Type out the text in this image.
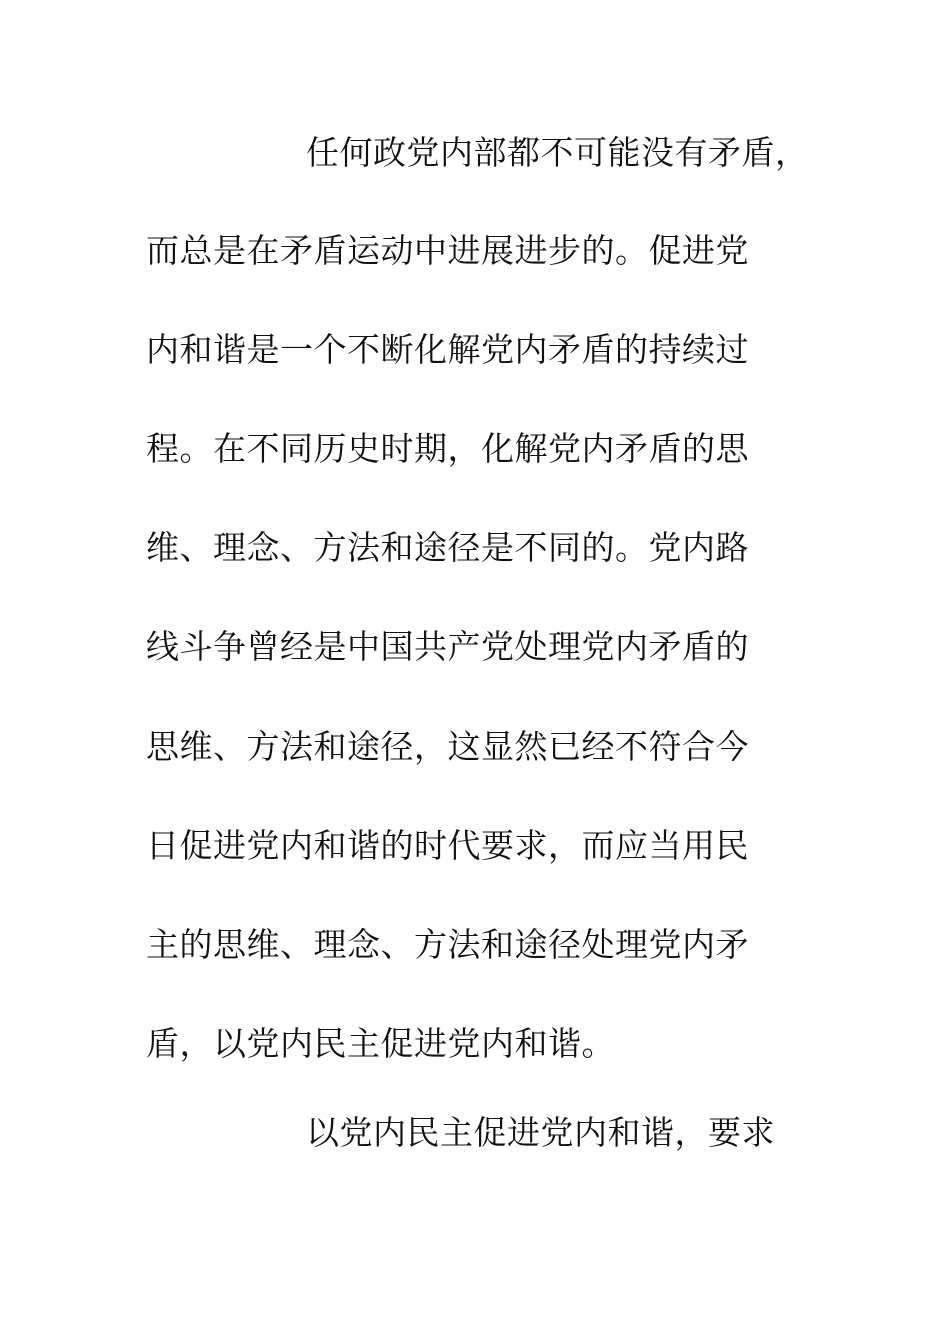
任何政党内部都不可能没有矛盾，
而总是在矛盾运动中进展进步的。促进党
内和谐是一个不断化解党内矛盾的持续过
程。在不同历史时期，化解党内矛盾的思
维、理念、方法和途径是不同的。党内路
线斗争曾经是中国共产党处理党内矛盾的
思维、方法和途径，这显然已经不符合今
日促进党内和谐的时代要求，而应当用民
主的思维、理念、方法和途径处理党内矛
盾，以党内民主促进党内和谐。
以党内民主促进党内和谐，要求
